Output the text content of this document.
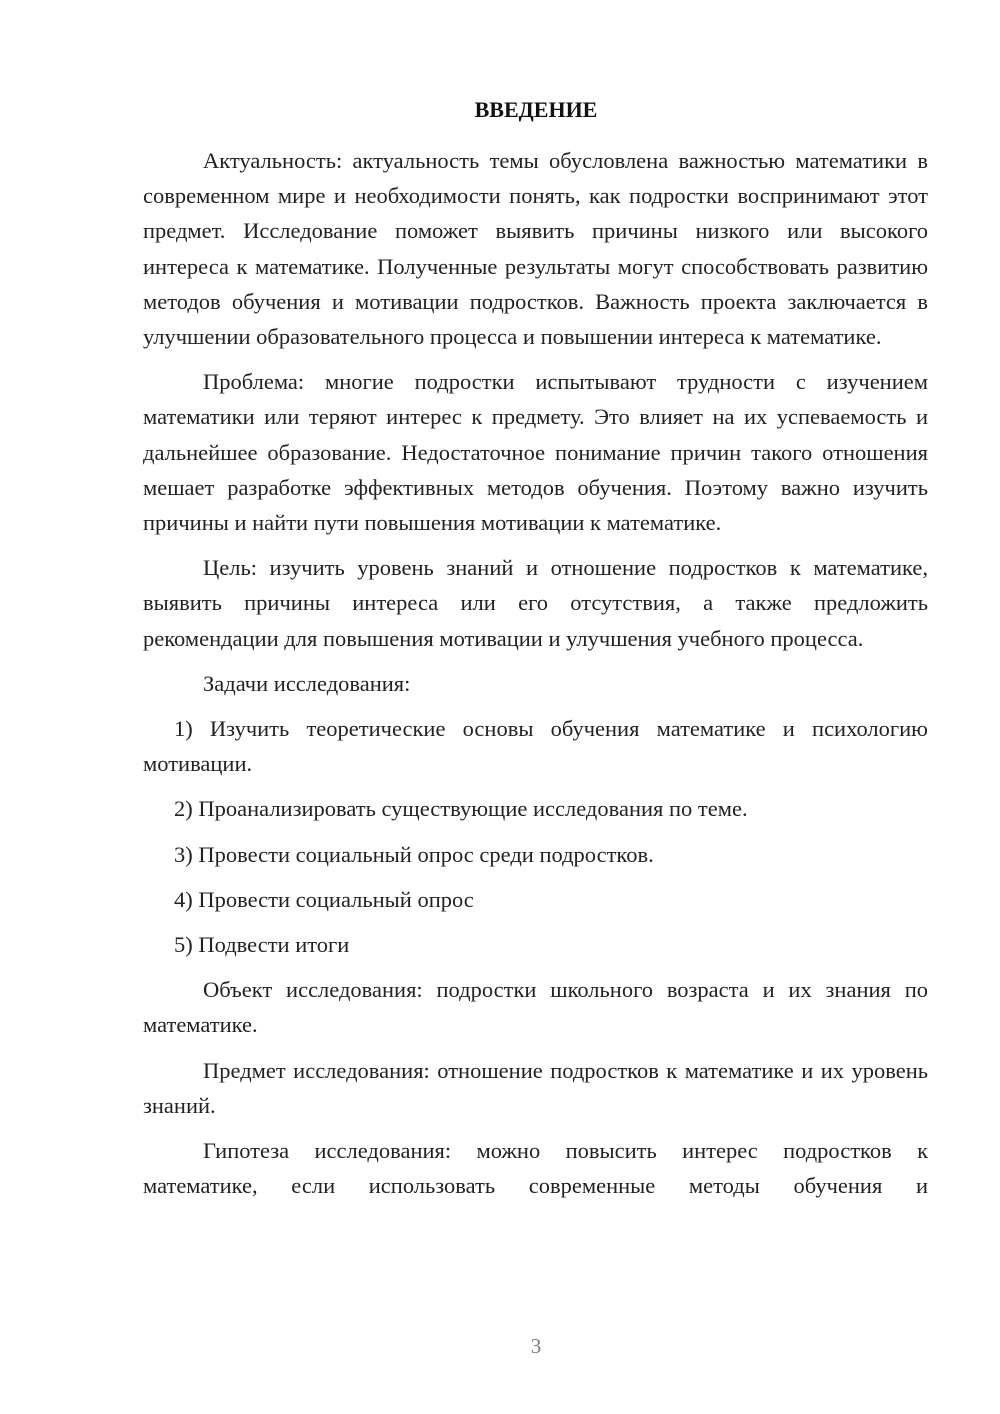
ВВЕДЕНИЕ

Актуальность: актуальность темы обусловлена важностью математики в современном мире и необходимости понять, как подростки воспринимают этот предмет. Исследование поможет выявить причины низкого или высокого интереса к математике. Полученные результаты могут способствовать развитию методов обучения и мотивации подростков. Важность проекта заключается в улучшении образовательного процесса и повышении интереса к математике.

Проблема: многие подростки испытывают трудности с изучением математики или теряют интерес к предмету. Это влияет на их успеваемость и дальнейшее образование. Недостаточное понимание причин такого отношения мешает разработке эффективных методов обучения. Поэтому важно изучить причины и найти пути повышения мотивации к математике.

Цель: изучить уровень знаний и отношение подростков к математике, выявить причины интереса или его отсутствия, а также предложить рекомендации для повышения мотивации и улучшения учебного процесса.

Задачи исследования:

1) Изучить теоретические основы обучения математике и психологию мотивации.

2) Проанализировать существующие исследования по теме.

3) Провести социальный опрос среди подростков.

4) Провести социальный опрос

5) Подвести итоги

Объект исследования: подростки школьного возраста и их знания по математике.

Предмет исследования: отношение подростков к математике и их уровень знаний.

Гипотеза исследования: можно повысить интерес подростков к математике, если использовать современные методы обучения и

3
